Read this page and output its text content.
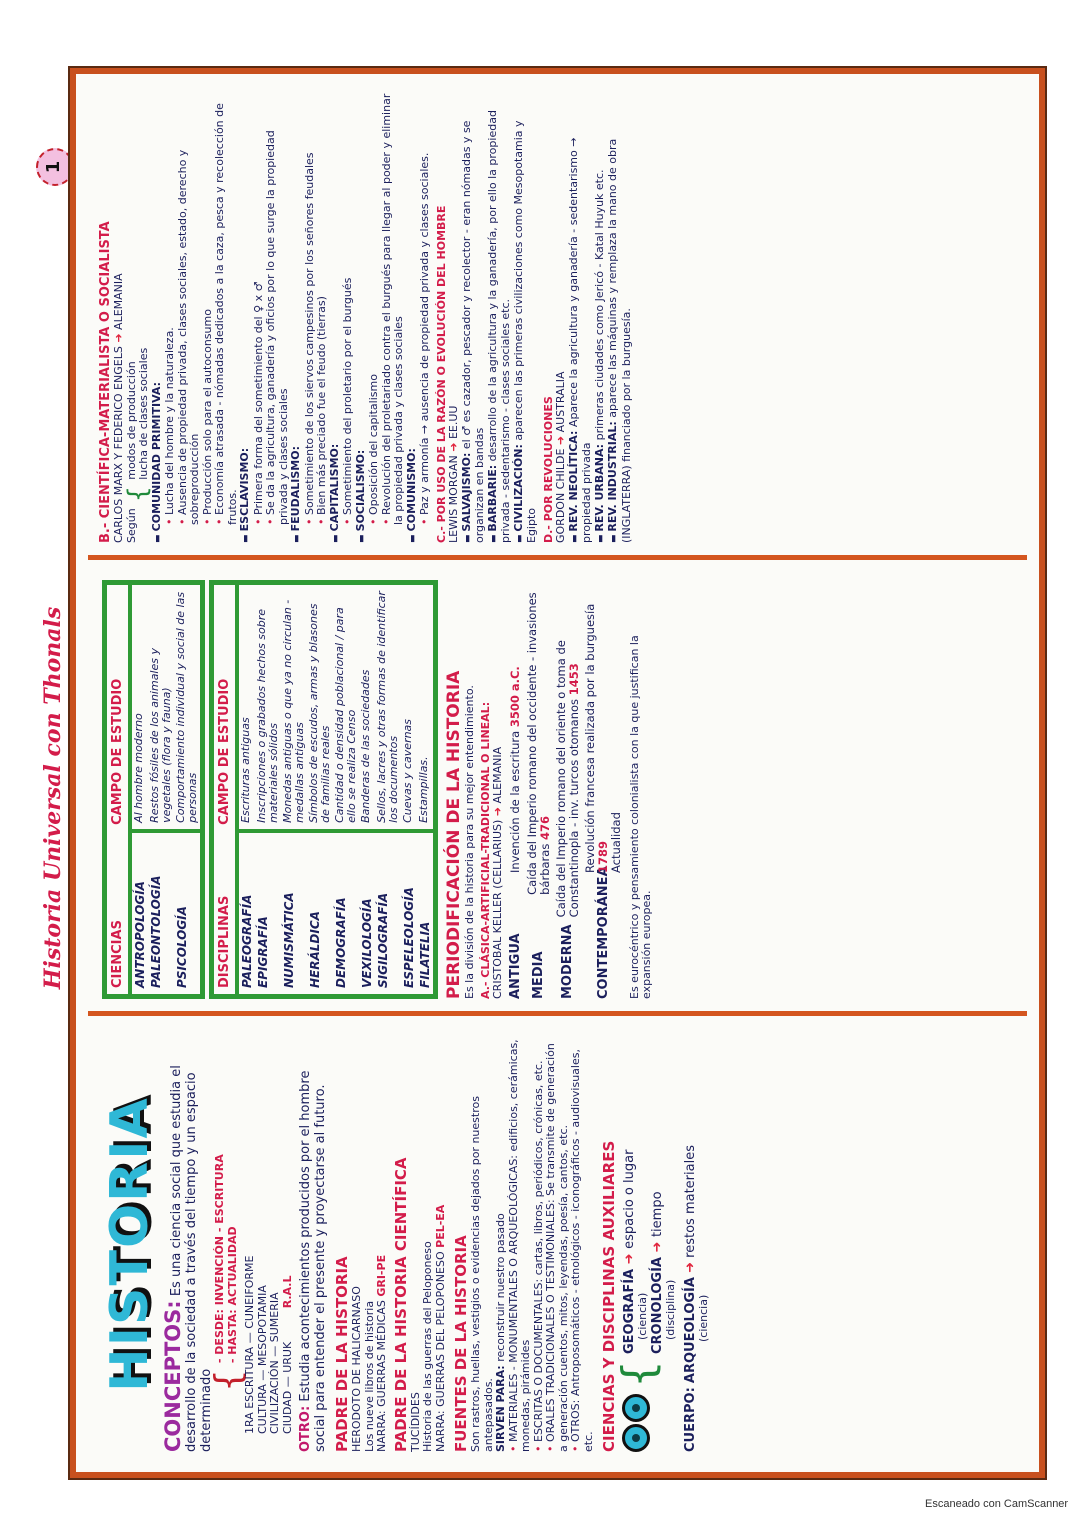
Historia Universal con Thonals
1
HISTORIA CONCEPTOS: Es una ciencia social que estudia el desarrollo de la sociedad a través del tiempo y un espacio determinado

{

- DESDE: INVENCIÓN - ESCRITURA - HASTA: ACTUALIDAD 1RA ESCRITURA — CUNEIFORME CULTURA — MESOPOTAMIA CIVILIZACIÓN — SUMERIA CIUDAD — URUK R.A.L

OTRO: Estudia acontecimientos producidos por el hombre social para entender el presente y proyectarse al futuro. PADRE DE LA HISTORIA HERODOTO DE HALICARNASO Los nueve libros de historia NARRA: GUERRAS MÉDICAS GRI-PE PADRE DE LA HISTORIA CIENTÍFICA TUCÍDIDES Historia de las guerras del Peloponeso NARRA: GUERRAS DEL PELOPONESO PEL-EA
FUENTES DE LA HISTORIA Son rastros, huellas, vestigios o evidencias dejados por nuestros antepasados. SIRVEN PARA: reconstruir nuestro pasado • MATERIALES - MONUMENTALES O ARQUEOLÓGICAS: edificios, cerámicas, monedas, pirámides • ESCRITAS O DOCUMENTALES: cartas, libros, periódicos, crónicas, etc. • ORALES TRADICIONALES O TESTIMONIALES: Se transmite de generación a generación cuentos, mitos, leyendas, poesía, cantos, etc. • OTROS: Antroposomáticos - etnológicos - iconográficos - audiovisuales, etc. CIENCIAS Y DISCIPLINAS AUXILIARES
{
GEOGRAFÍA ➜ espacio o lugar
(ciencia) CRONOLOGÍA ➜ tiempo
(disciplina)
CUERPO: ARQUEOLOGÍA ➜ restos materiales
(ciencia)
CIENCIAS	CAMPO DE ESTUDIO
ANTROPOLOGÍA	Al hombre moderno
PALEONTOLOGÍA	Restos fósiles de los animales y vegetales (flora y fauna)
PSICOLOGÍA	Comportamiento individual y social de las personas
DISCIPLINAS	CAMPO DE ESTUDIO
PALEOGRAFÍA	Escrituras antiguas
EPIGRAFÍA	Inscripciones o grabados hechos sobre materiales sólidos
NUMISMÁTICA	Monedas antiguas o que ya no circulan - medallas antiguas
HERÁLDICA	Símbolos de escudos, armas y blasones de familias reales
DEMOGRAFÍA	Cantidad o densidad poblacional / para ello se realiza Censo
VEXILOLOGÍA	Banderas de las sociedades
SIGILOGRAFÍA	Sellos, lacres y otras formas de identificar los documentos
ESPELEOLOGÍA	Cuevas y cavernas
FILATELIA	Estampillas. PERIODIFICACIÓN DE LA HISTORIA Es la división de la historia para su mejor entendimiento. A.- CLÁSICA-ARTIFICIAL-TRADICIONAL O LINEAL: CRISTOBAL KELLER (CELLARIUS) ➜ ALEMANIA
ANTIGUA
Invención de la escritura 3500 a.C.
MEDIA
Caída del Imperio romano del occidente - invasiones bárbaras 476
MODERNA
Caída del Imperio romano del oriente o toma de Constantinopla - inv. turcos otomanos 1453
CONTEMPORÁNEA
Revolución francesa realizada por la burguesía 1789
Actualidad Es eurocéntrico y pensamiento colonialista con la que justifican la expansión europea.

B.- CIENTÍFICA-MATERIALISTA O SOCIALISTA CARLOS MARX Y FEDERICO ENGELS ➜ ALEMANIA
Según
{
modos de producción lucha de clases sociales ▬ COMUNIDAD PRIMITIVA: • Lucha del hombre y la naturaleza. • Ausencia de propiedad privada, clases sociales, estado, derecho y sobreproducción • Producción solo para el autoconsumo • Economía atrasada - nómadas dedicados a la caza, pesca y recolección de frutos. ▬ ESCLAVISMO: • Primera forma del sometimiento del ♀ x ♂ • Se da la agricultura, ganadería y oficios por lo que surge la propiedad privada y clases sociales ▬ FEUDALISMO: • Sometimiento de los siervos campesinos por los señores feudales • Bien más preciado fue el feudo (tierras) ▬ CAPITALISMO: • Sometimiento del proletario por el burgués ▬ SOCIALISMO: • Oposición del capitalismo • Revolución del proletariado contra el burgués para llegar al poder y eliminar la propiedad privada y clases sociales ▬ COMUNISMO: • Paz y armonía → ausencia de propiedad privada y clases sociales. C.- POR USO DE LA RAZÓN O EVOLUCIÓN DEL HOMBRE LEWIS MORGAN ➜ EE.UU
▬ SALVAJISMO: el ♂ es cazador, pescador y recolector - eran nómadas y se organizan en bandas ▬ BARBARIE: desarrollo de la agricultura y la ganadería, por ello la propiedad privada - sedentarismo - clases sociales etc. ▬ CIVILIZACIÓN: aparecen las primeras civilizaciones como Mesopotamia y Egipto D.- POR REVOLUCIONES GORDON CHILDE ➜ AUSTRALIA
▬ REV. NEOLÍTICA: Aparece la agricultura y ganadería - sedentarismo → propiedad privada ▬ REV. URBANA: primeras ciudades como Jericó - Katal Huyuk etc.
▬ REV. INDUSTRIAL: aparece las máquinas y remplaza la mano de obra (INGLATERRA) financiado por la burguesía.
Escaneado con CamScanner
